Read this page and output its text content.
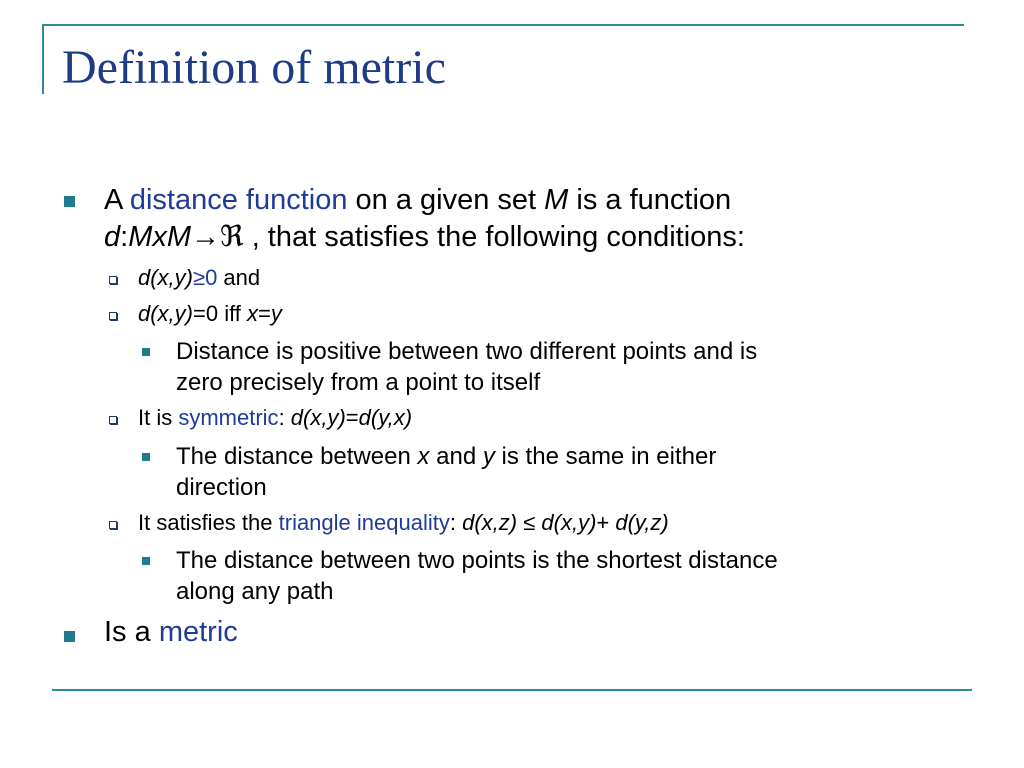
Definition of metric
A distance function on a given set M is a function
d:MxM→ℜ , that satisfies the following conditions:
d(x,y)≥0 and
d(x,y)=0 iff x=y
Distance is positive between two different points and is
zero precisely from a point to itself
It is symmetric: d(x,y)=d(y,x)
The distance between x and y is the same in either
direction
It satisfies the triangle inequality: d(x,z) ≤ d(x,y)+ d(y,z)
The distance between two points is the shortest distance
along any path
Is a metric
